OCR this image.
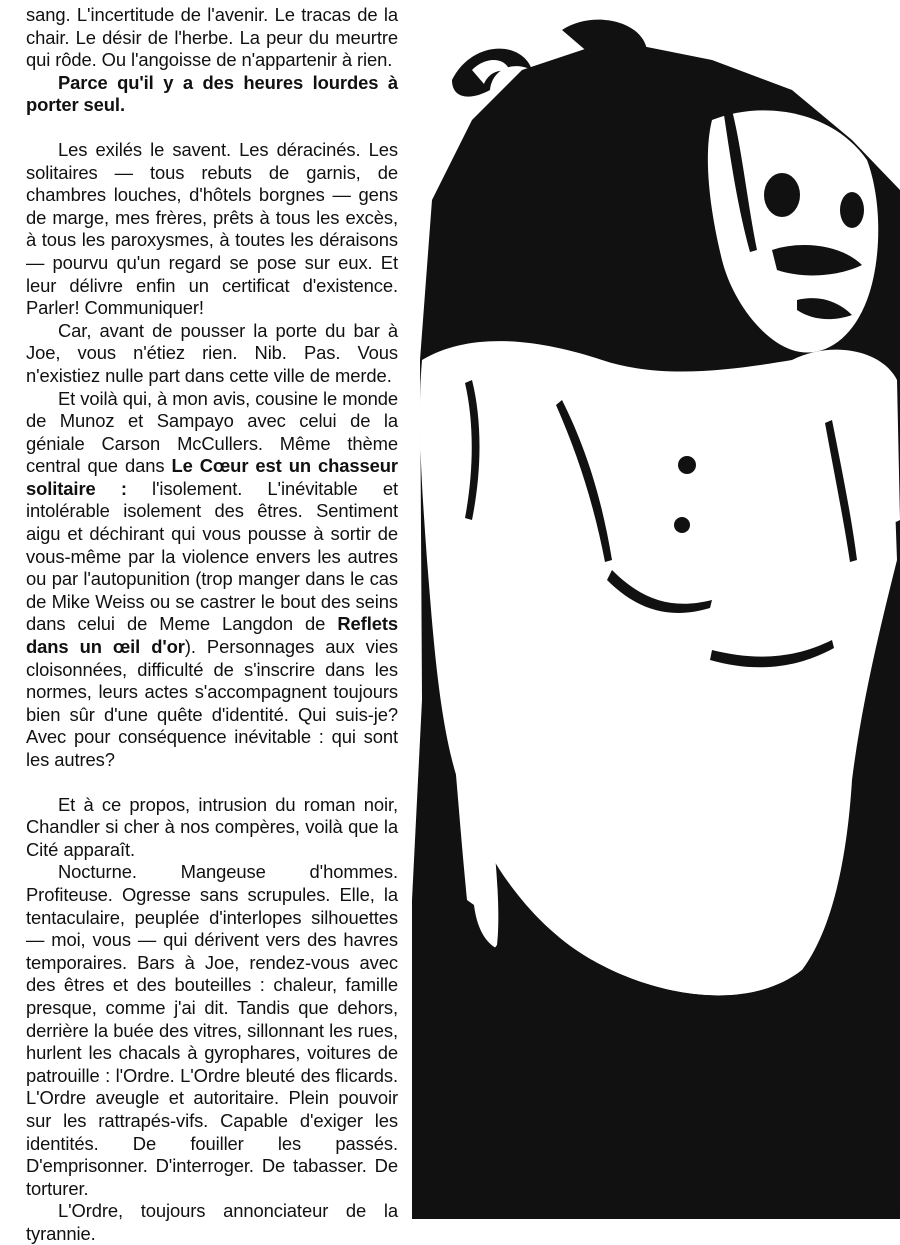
sang. L'incertitude de l'avenir. Le tracas de la chair. Le désir de l'herbe. La peur du meurtre qui rôde. Ou l'angoisse de n'appartenir à rien.

Parce qu'il y a des heures lourdes à porter seul.

Les exilés le savent. Les déracinés. Les solitaires — tous rebuts de garnis, de chambres louches, d'hôtels borgnes — gens de marge, mes frères, prêts à tous les excès, à tous les paroxysmes, à toutes les déraisons — pourvu qu'un regard se pose sur eux. Et leur délivre enfin un certificat d'existence. Parler! Communiquer!

Car, avant de pousser la porte du bar à Joe, vous n'étiez rien. Nib. Pas. Vous n'existiez nulle part dans cette ville de merde.

Et voilà qui, à mon avis, cousine le monde de Munoz et Sampayo avec celui de la géniale Carson McCullers. Même thème central que dans Le Cœur est un chasseur solitaire : l'isolement. L'inévitable et intolérable isolement des êtres. Sentiment aigu et déchirant qui vous pousse à sortir de vous-même par la violence envers les autres ou par l'autopunition (trop manger dans le cas de Mike Weiss ou se castrer le bout des seins dans celui de Meme Langdon de Reflets dans un œil d'or). Personnages aux vies cloisonnées, difficulté de s'inscrire dans les normes, leurs actes s'accompagnent toujours bien sûr d'une quête d'identité. Qui suis-je? Avec pour conséquence inévitable : qui sont les autres?

Et à ce propos, intrusion du roman noir, Chandler si cher à nos compères, voilà que la Cité apparaît.

Nocturne. Mangeuse d'hommes. Profiteuse. Ogresse sans scrupules. Elle, la tentaculaire, peuplée d'interlopes silhouettes — moi, vous — qui dérivent vers des havres temporaires. Bars à Joe, rendez-vous avec des êtres et des bouteilles : chaleur, famille presque, comme j'ai dit. Tandis que dehors, derrière la buée des vitres, sillonnant les rues, hurlent les chacals à gyrophares, voitures de patrouille : l'Ordre. L'Ordre bleuté des flicards. L'Ordre aveugle et autoritaire. Plein pouvoir sur les rattrapés-vifs. Capable d'exiger les identités. De fouiller les passés. D'emprisonner. D'interroger. De tabasser. De torturer.

L'Ordre, toujours annonciateur de la tyrannie.
